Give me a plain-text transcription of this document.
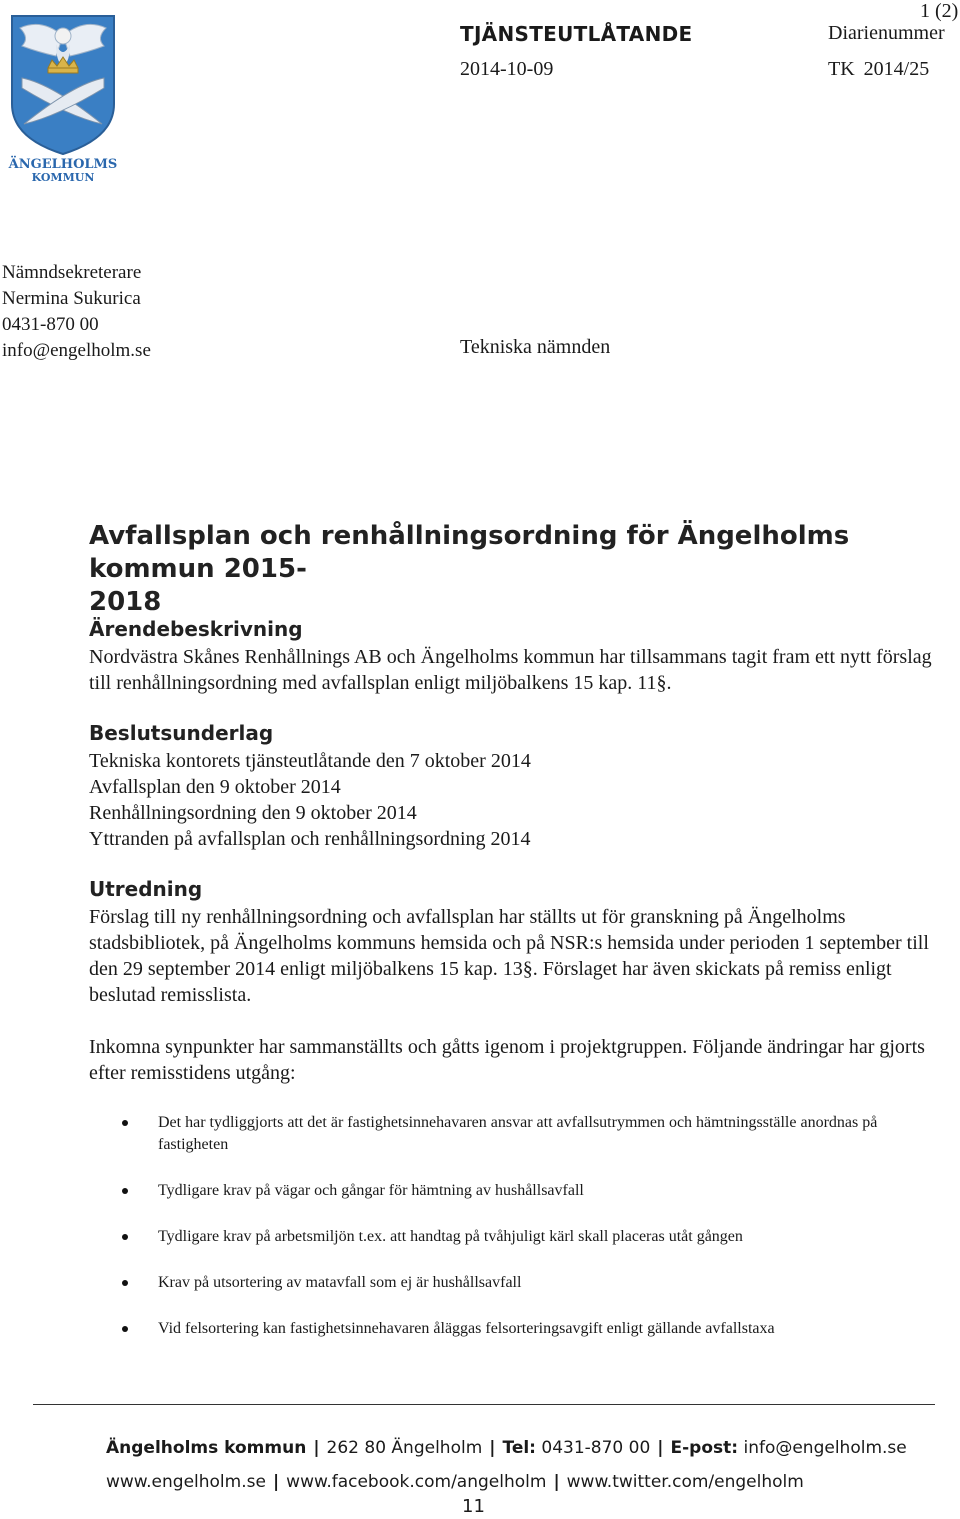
ÄNGELHOLMS
KOMMUN
TJÄNSTEUTLÅTANDE
2014-10-09
1 (2)
Diarienummer
TK 2014/25
Nämndsekreterare
Nermina Sukurica
0431-870 00
info@engelholm.se	Tekniska nämnden
Avfallsplan och renhållningsordning för Ängelholms kommun 2015-
2018
Ärendebeskrivning
Nordvästra Skånes Renhållnings AB och Ängelholms kommun har tillsammans tagit fram ett nytt förslag till renhållningsordning med avfallsplan enligt miljöbalkens 15 kap. 11§.
Beslutsunderlag
Tekniska kontorets tjänsteutlåtande den 7 oktober 2014
Avfallsplan den 9 oktober 2014
Renhållningsordning den 9 oktober 2014
Yttranden på avfallsplan och renhållningsordning 2014
Utredning
Förslag till ny renhållningsordning och avfallsplan har ställts ut för granskning på Ängelholms stadsbibliotek, på Ängelholms kommuns hemsida och på NSR:s hemsida under perioden 1 september till den 29 september 2014 enligt miljöbalkens 15 kap. 13§. Förslaget har även skickats på remiss enligt beslutad remisslista.
Inkomna synpunkter har sammanställts och gåtts igenom i projektgruppen. Följande ändringar har gjorts efter remisstidens utgång:
Det har tydliggjorts att det är fastighetsinnehavaren ansvar att avfallsutrymmen och hämtningsställe anordnas på fastigheten
Tydligare krav på vägar och gångar för hämtning av hushållsavfall
Tydligare krav på arbetsmiljön t.ex. att handtag på tvåhjuligt kärl skall placeras utåt gången
Krav på utsortering av matavfall som ej är hushållsavfall
Vid felsortering kan fastighetsinnehavaren åläggas felsorteringsavgift enligt gällande avfallstaxa
Ängelholms kommun | 262 80 Ängelholm | Tel: 0431-870 00 | E-post: info@engelholm.se
www.engelholm.se | www.facebook.com/angelholm | www.twitter.com/engelholm
11
